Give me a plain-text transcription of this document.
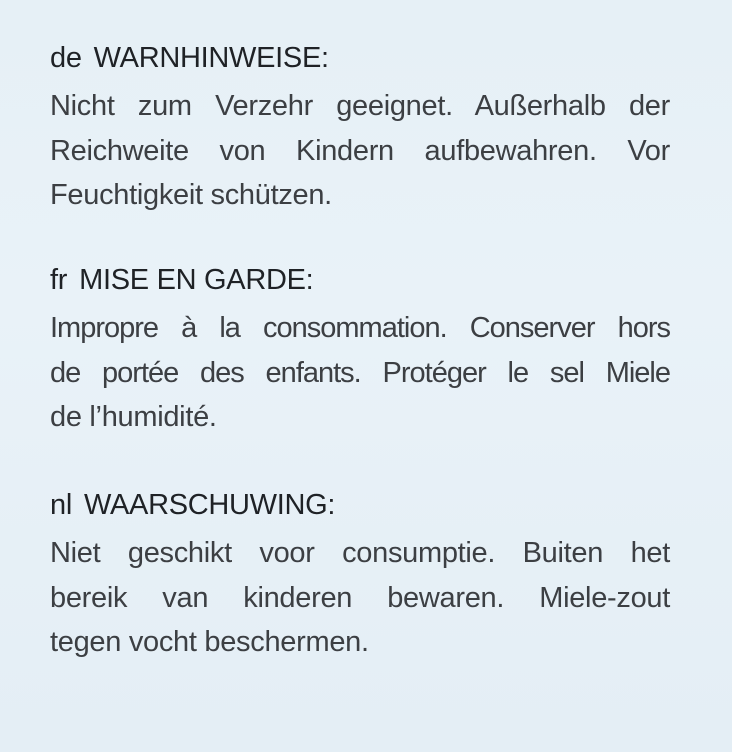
de WARNHINWEISE:
Nicht zum Verzehr geeignet. Außerhalb der
Reichweite von Kindern aufbewahren. Vor
Feuchtigkeit schützen.
fr MISE EN GARDE:
Impropre à la consommation. Conserver hors
de portée des enfants. Protéger le sel Miele
de l’humidité.
nl WAARSCHUWING:
Niet geschikt voor consumptie. Buiten het
bereik van kinderen bewaren. Miele-zout
tegen vocht beschermen.
